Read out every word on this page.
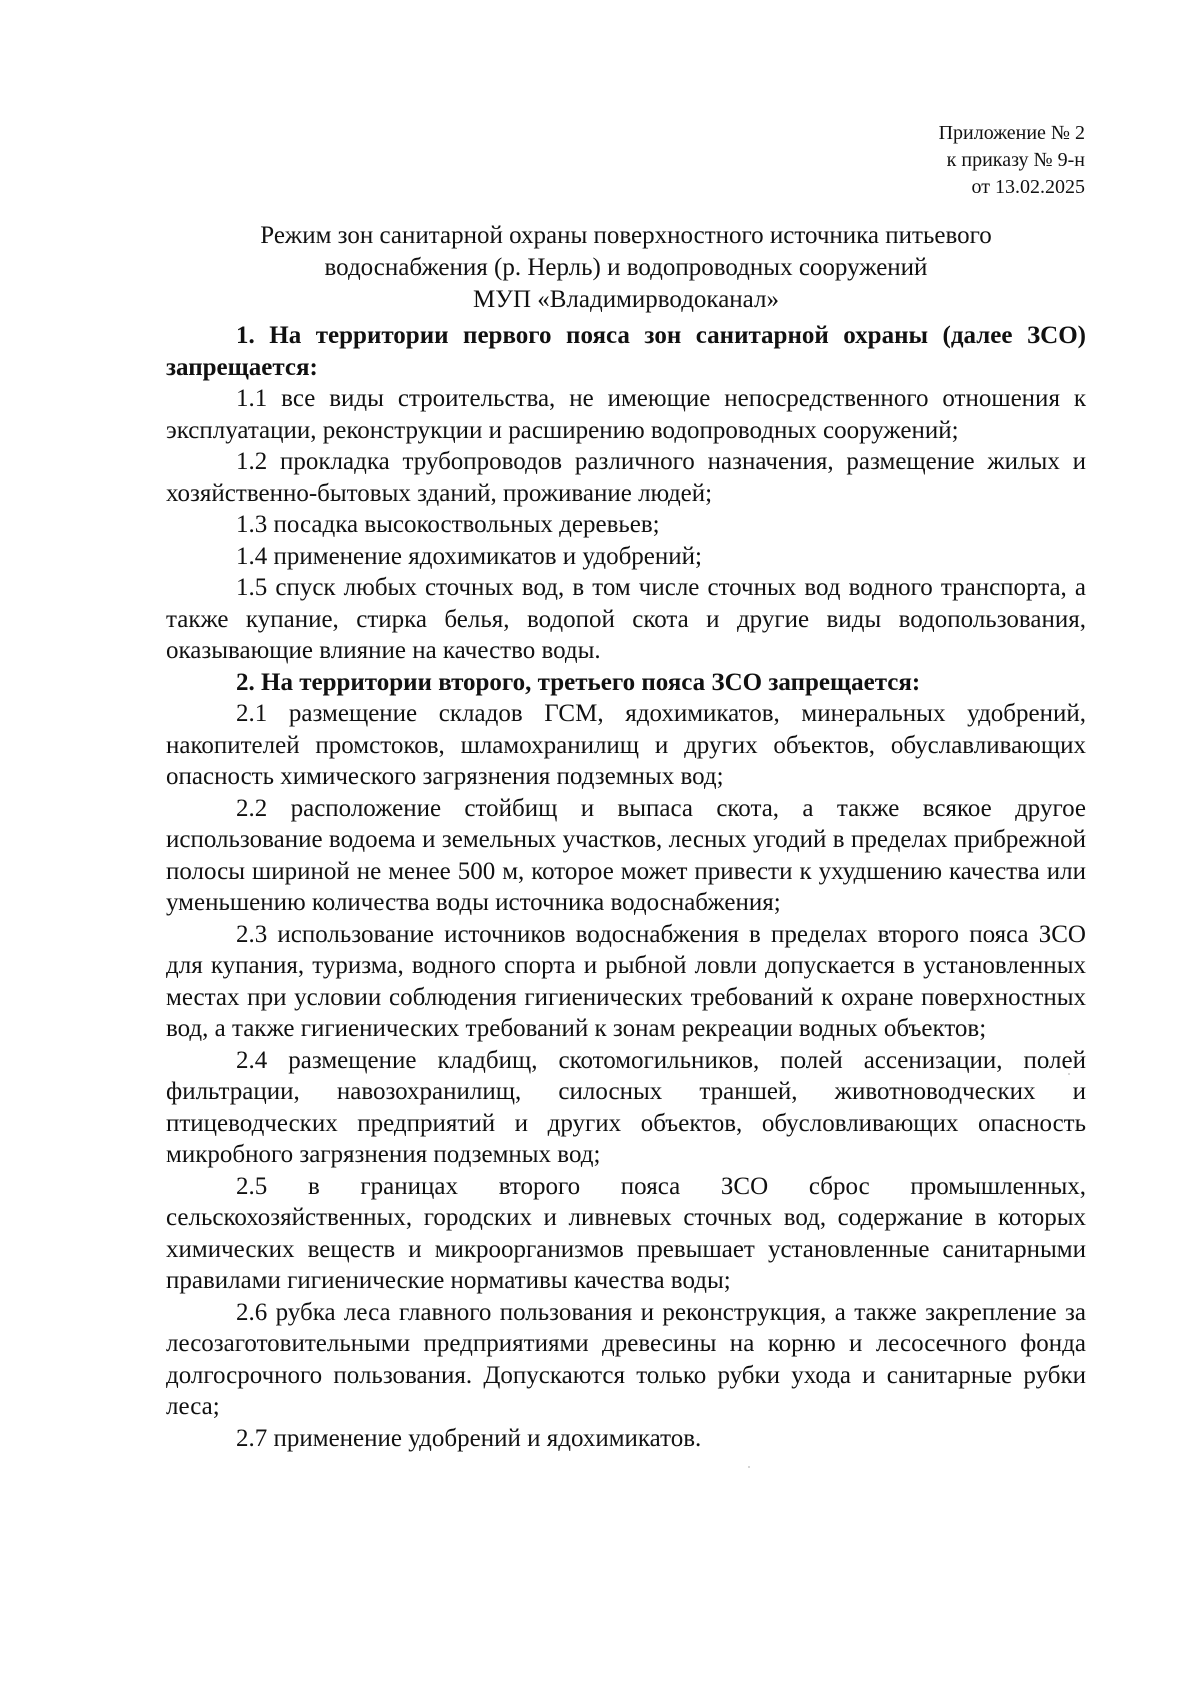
Приложение № 2
к приказу № 9-н
от 13.02.2025
Режим зон санитарной охраны поверхностного источника питьевого
водоснабжения (р. Нерль) и водопроводных сооружений
МУП «Владимирводоканал»

1. На территории первого пояса зон санитарной охраны (далее ЗСО) запрещается:

1.1 все виды строительства, не имеющие непосредственного отношения к эксплуатации, реконструкции и расширению водопроводных сооружений;

1.2 прокладка трубопроводов различного назначения, размещение жилых и хозяйственно-бытовых зданий, проживание людей;

1.3 посадка высокоствольных деревьев;

1.4 применение ядохимикатов и удобрений;

1.5 спуск любых сточных вод, в том числе сточных вод водного транспорта, а также купание, стирка белья, водопой скота и другие виды водопользования, оказывающие влияние на качество воды.

2. На территории второго, третьего пояса ЗСО запрещается:

2.1 размещение складов ГСМ, ядохимикатов, минеральных удобрений, накопителей промстоков, шламохранилищ и других объектов, обуславливающих опасность химического загрязнения подземных вод;

2.2 расположение стойбищ и выпаса скота, а также всякое другое использование водоема и земельных участков, лесных угодий в пределах прибрежной полосы шириной не менее 500 м, которое может привести к ухудшению качества или уменьшению количества воды источника водоснабжения;

2.3 использование источников водоснабжения в пределах второго пояса ЗСО для купания, туризма, водного спорта и рыбной ловли допускается в установленных местах при условии соблюдения гигиенических требований к охране поверхностных вод, а также гигиенических требований к зонам рекреации водных объектов;

2.4 размещение кладбищ, скотомогильников, полей ассенизации, полей фильтрации, навозохранилищ, силосных траншей, животноводческих и птицеводческих предприятий и других объектов, обусловливающих опасность микробного загрязнения подземных вод;

2.5 в границах второго пояса ЗСО сброс промышленных, сельскохозяйственных, городских и ливневых сточных вод, содержание в которых химических веществ и микроорганизмов превышает установленные санитарными правилами гигиенические нормативы качества воды;

2.6 рубка леса главного пользования и реконструкция, а также закрепление за лесозаготовительными предприятиями древесины на корню и лесосечного фонда долгосрочного пользования. Допускаются только рубки ухода и санитарные рубки леса;

2.7 применение удобрений и ядохимикатов.
